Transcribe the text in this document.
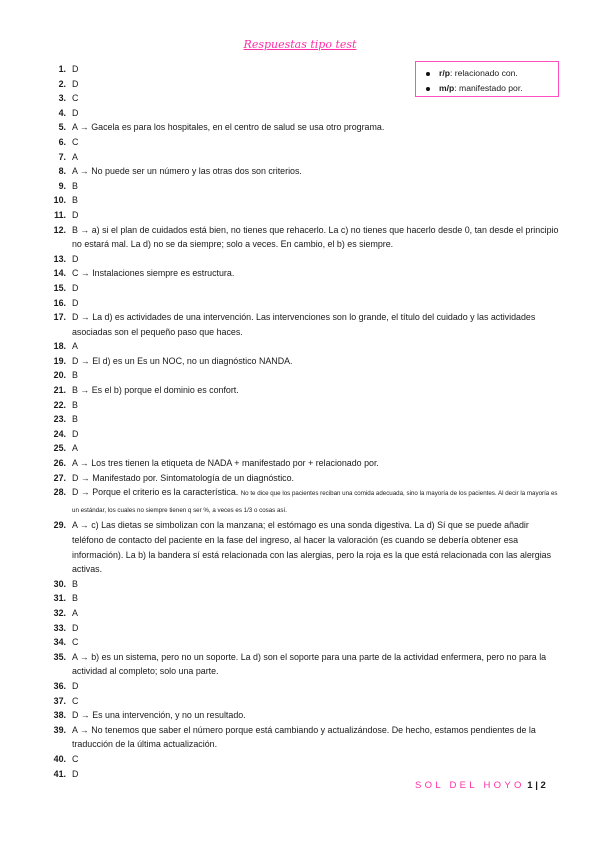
Respuestas tipo test
r/p: relacionado con.
m/p: manifestado por.
1. D
2. D
3. C
4. D
5. A → Gacela es para los hospitales, en el centro de salud se usa otro programa.
6. C
7. A
8. A → No puede ser un número y las otras dos son criterios.
9. B
10. B
11. D
12. B → a) si el plan de cuidados está bien, no tienes que rehacerlo. La c) no tienes que hacerlo desde 0, tan desde el principio no estará mal. La d) no se da siempre; solo a veces. En cambio, el b) es siempre.
13. D
14. C → Instalaciones siempre es estructura.
15. D
16. D
17. D → La d) es actividades de una intervención. Las intervenciones son lo grande, el título del cuidado y las actividades asociadas son el pequeño paso que haces.
18. A
19. D → El d) es un Es un NOC, no un diagnóstico NANDA.
20. B
21. B → Es el b) porque el dominio es confort.
22. B
23. B
24. D
25. A
26. A → Los tres tienen la etiqueta de NADA + manifestado por + relacionado por.
27. D → Manifestado por. Sintomatología de un diagnóstico.
28. D → Porque el criterio es la característica. No te dice que los pacientes reciban una comida adecuada, sino la mayoría de los pacientes. Al decir la mayoría es un estándar, los cuales no siempre tienen q ser %, a veces es 1/3 o cosas así.
29. A → c) Las dietas se simbolizan con la manzana; el estómago es una sonda digestiva. La d) Sí que se puede añadir teléfono de contacto del paciente en la fase del ingreso, al hacer la valoración (es cuando se debería obtener esa información). La b) la bandera sí está relacionada con las alergias, pero la roja es la que está relacionada con las alergias activas.
30. B
31. B
32. A
33. D
34. C
35. A → b) es un sistema, pero no un soporte. La d) son el soporte para una parte de la actividad enfermera, pero no para la actividad al completo; solo una parte.
36. D
37. C
38. D → Es una intervención, y no un resultado.
39. A → No tenemos que saber el número porque está cambiando y actualizándose. De hecho, estamos pendientes de la traducción de la última actualización.
40. C
41. D
SOL DEL HOYO 1 | 2
